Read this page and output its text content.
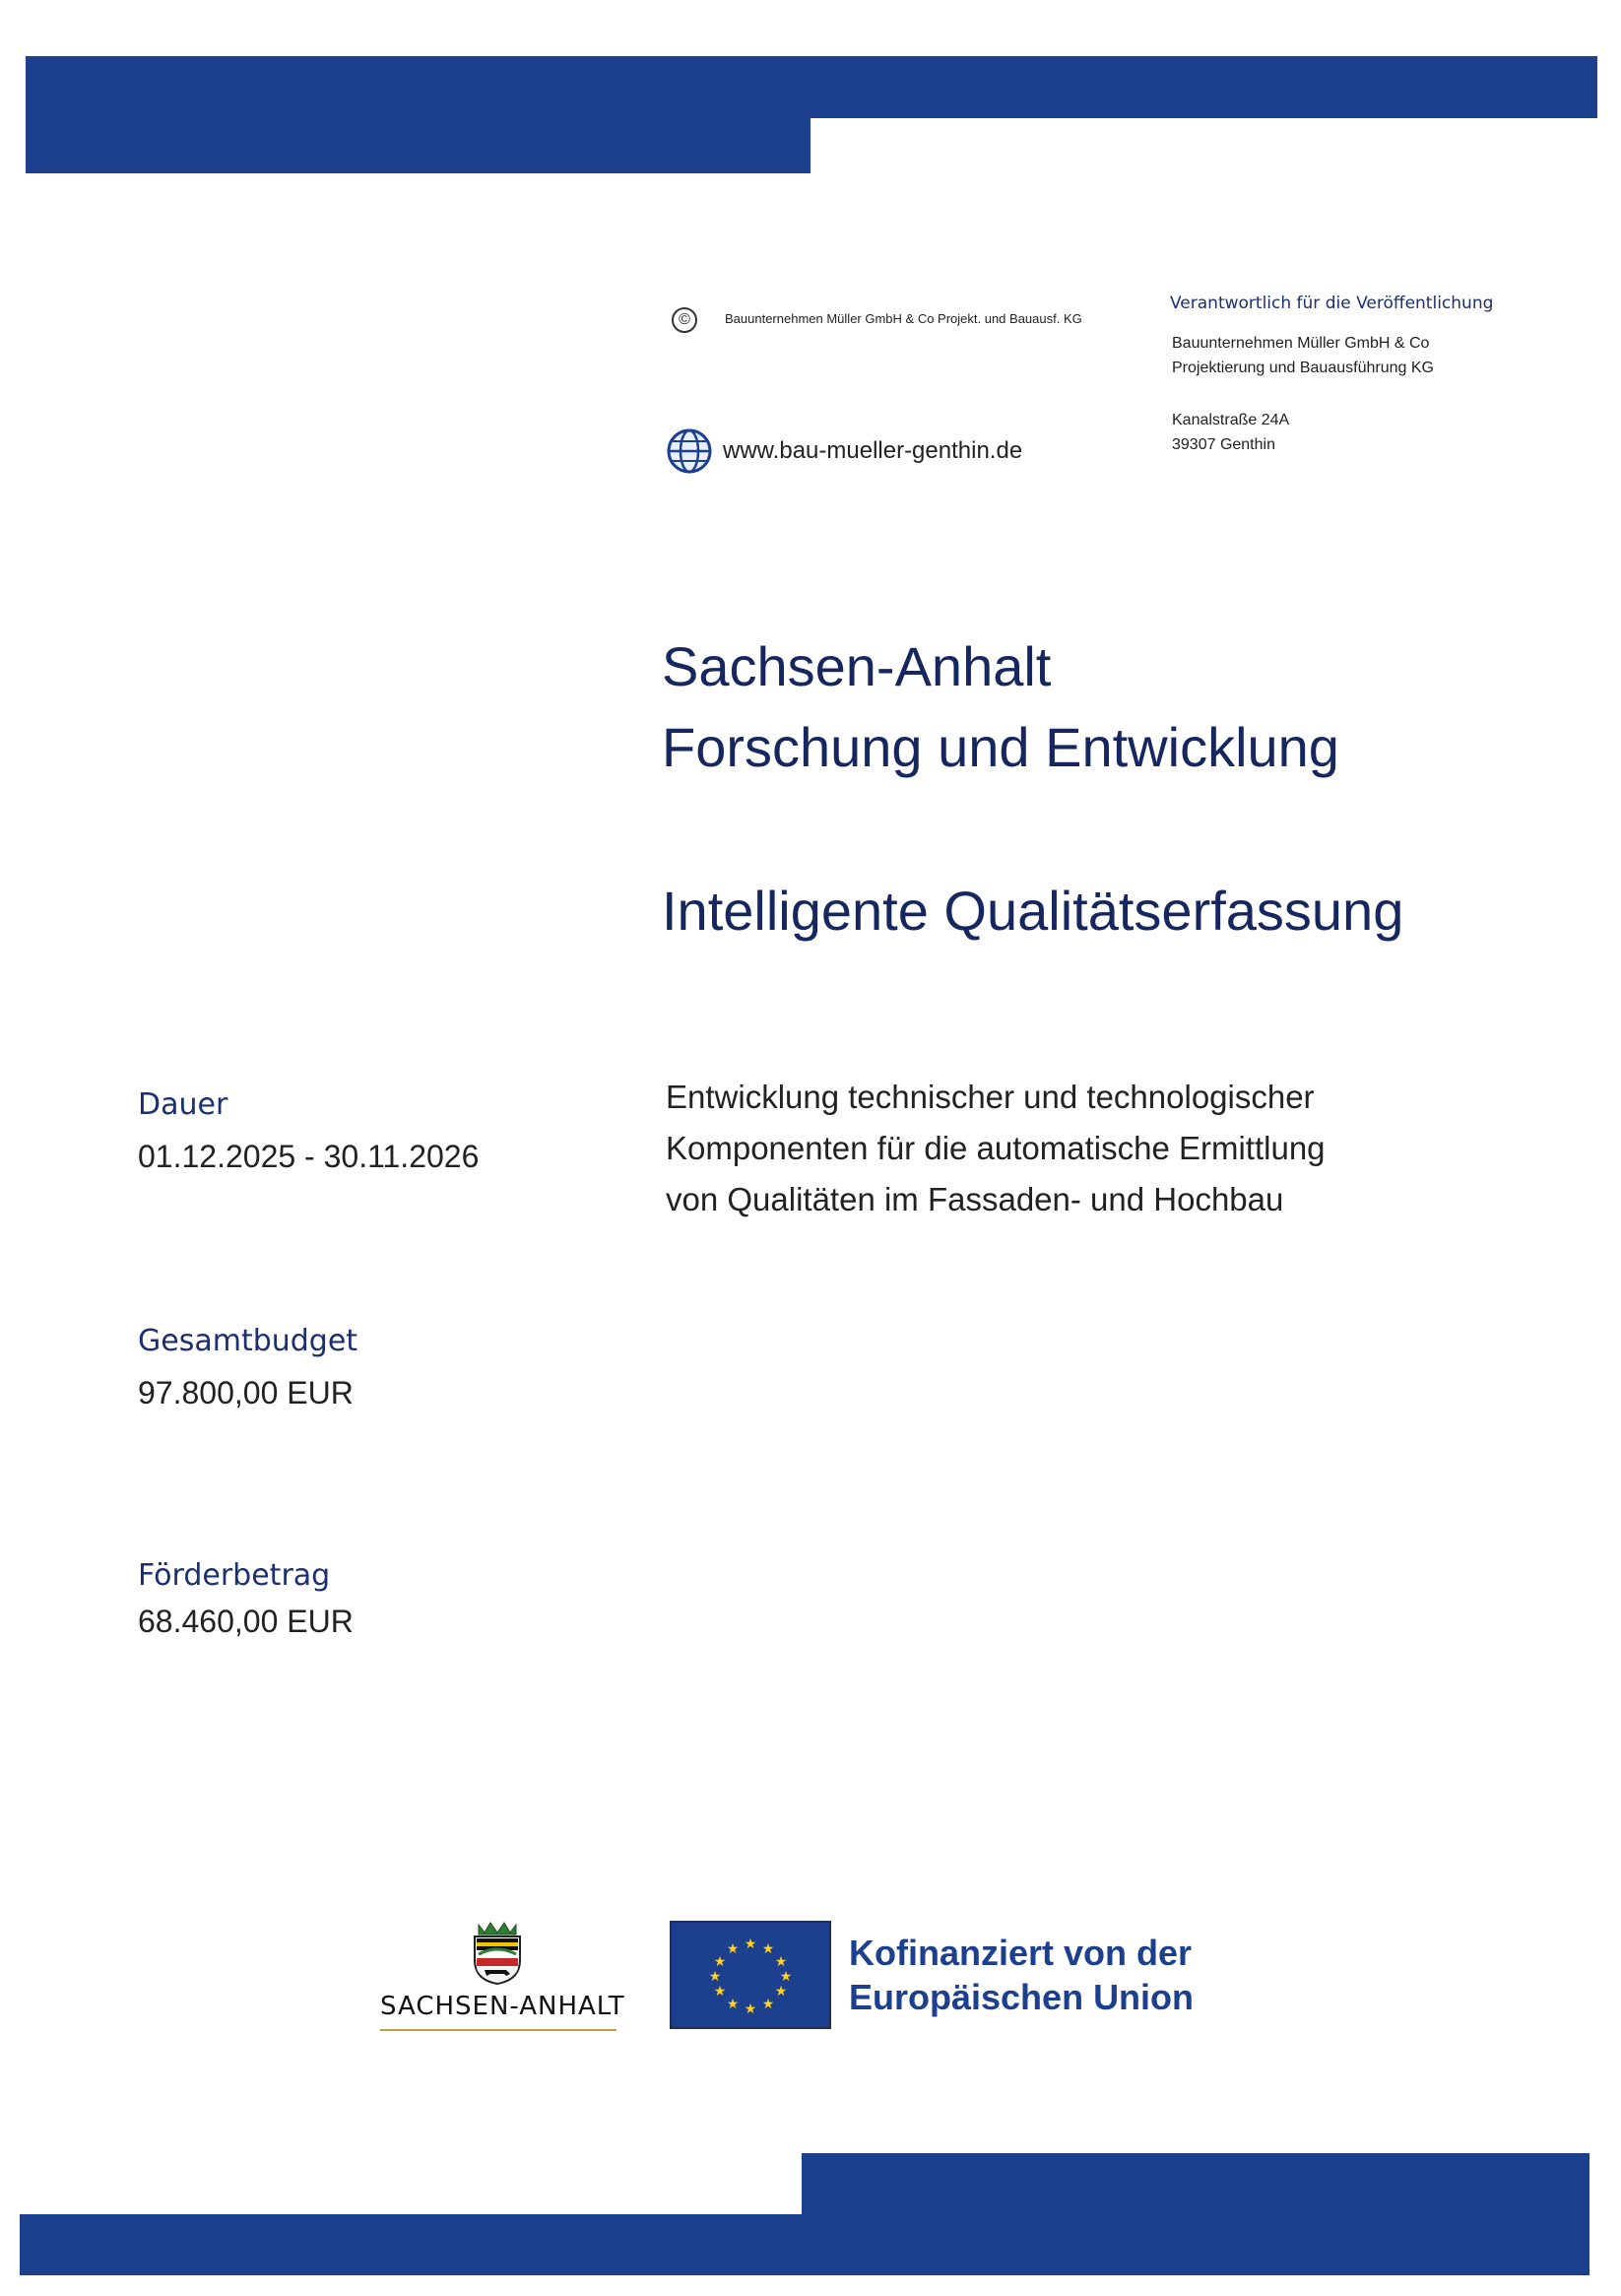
©	Bauunternehmen Müller GmbH & Co Projekt. und Bauausf. KG
www.bau-mueller-genthin.de
Verantwortlich für die Veröffentlichung
Bauunternehmen Müller GmbH & Co
Projektierung und Bauausführung KG
Kanalstraße 24A
39307 Genthin
Sachsen-Anhalt
Forschung und Entwicklung
Intelligente Qualitätserfassung
Entwicklung technischer und technologischer
Komponenten für die automatische Ermittlung
von Qualitäten im Fassaden- und Hochbau
Dauer
01.12.2025 - 30.11.2026
Gesamtbudget
97.800,00 EUR
Förderbetrag
68.460,00 EUR
SACHSEN-ANHALT
★ ★
★
★
★
★
★
★
★
★
★
★	Kofinanziert von der
Europäischen Union
